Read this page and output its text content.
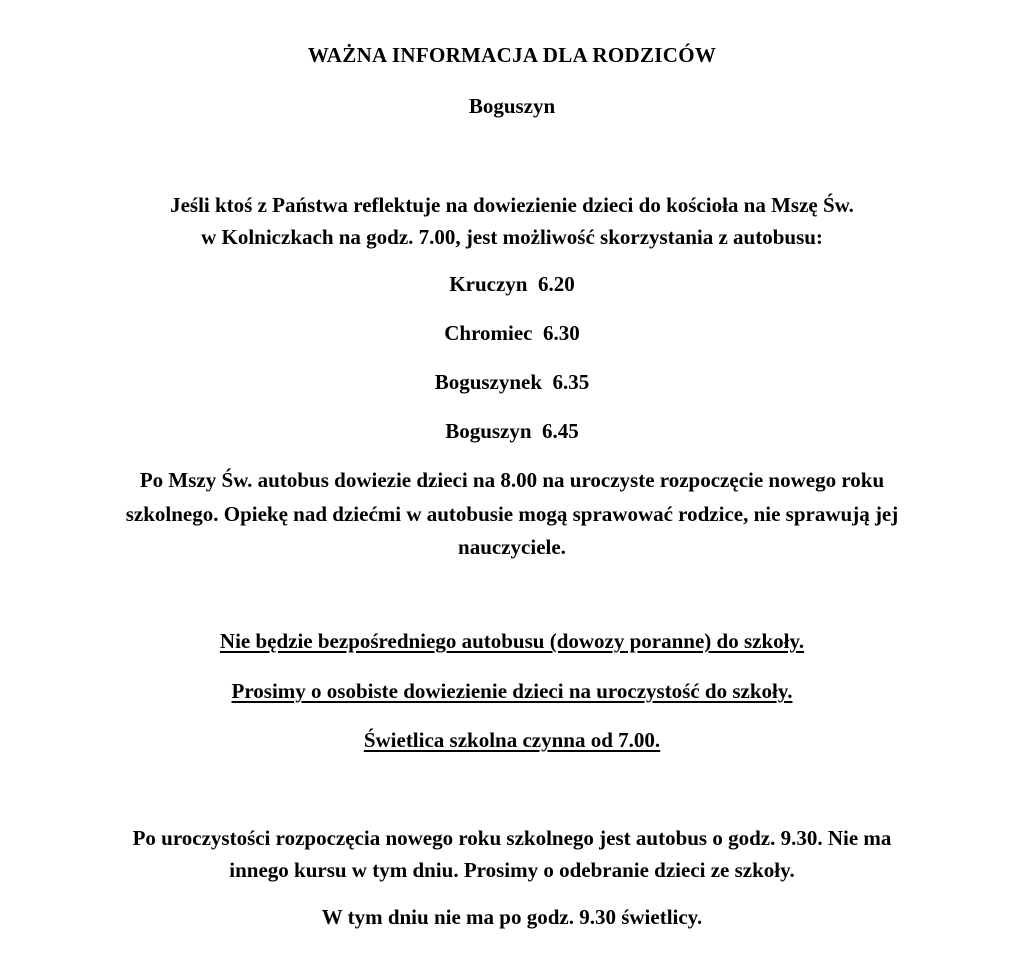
WAŻNA INFORMACJA DLA RODZICÓW
Boguszyn
Jeśli ktoś z Państwa reflektuje na dowiezienie dzieci do kościoła na Mszę Św.
w Kolniczkach na godz. 7.00, jest możliwość skorzystania z autobusu:
Kruczyn 6.20
Chromiec 6.30
Boguszynek 6.35
Boguszyn 6.45
Po Mszy Św. autobus dowiezie dzieci na 8.00 na uroczyste rozpoczęcie nowego roku
szkolnego. Opiekę nad dziećmi w autobusie mogą sprawować rodzice, nie sprawują jej
nauczyciele.
Nie będzie bezpośredniego autobusu (dowozy poranne) do szkoły.
Prosimy o osobiste dowiezienie dzieci na uroczystość do szkoły.
Świetlica szkolna czynna od 7.00.
Po uroczystości rozpoczęcia nowego roku szkolnego jest autobus o godz. 9.30. Nie ma
innego kursu w tym dniu. Prosimy o odebranie dzieci ze szkoły.
W tym dniu nie ma po godz. 9.30 świetlicy.
